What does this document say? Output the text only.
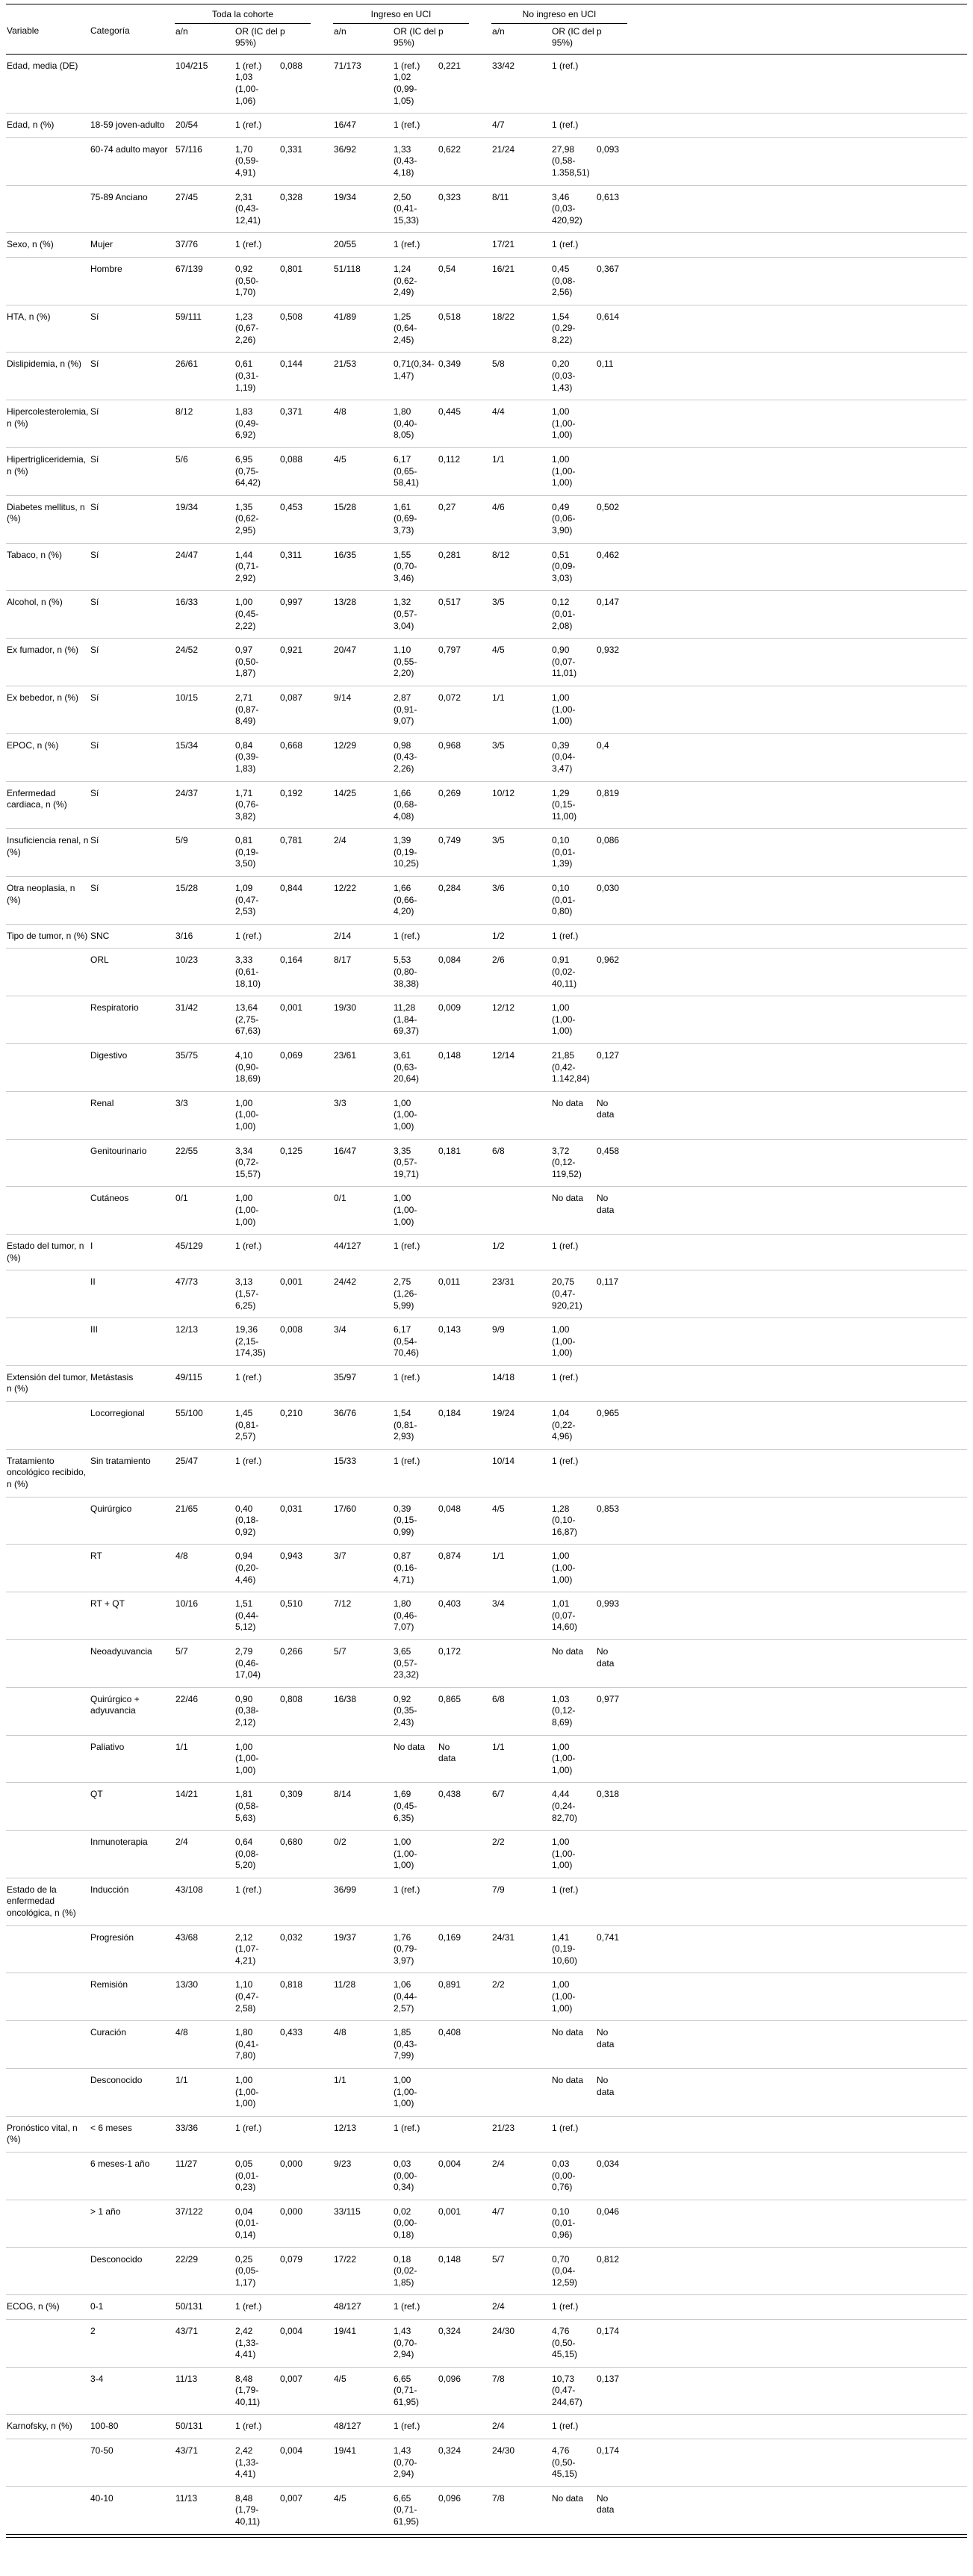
		Toda la cohorte				Ingreso en UCI				No ingreso en UCI			
Variable	Categoría	a/n	OR (IC del 95%)	p		a/n	OR (IC del 95%)	p		a/n	OR (IC del 95%)	p	
Edad, media (DE)		104/215	1 (ref.) 1,03 (1,00-1,06)	0,088		71/173	1 (ref.) 1,02 (0,99-1,05)	0,221		33/42	1 (ref.)		
Edad, n (%)	18-59 joven-adulto	20/54	1 (ref.)			16/47	1 (ref.)			4/7	1 (ref.)		
	60-74 adulto mayor	57/116	1,70 (0,59-4,91)	0,331		36/92	1,33 (0,43-4,18)	0,622		21/24	27,98 (0,58-1.358,51)	0,093	
	75-89 Anciano	27/45	2,31 (0,43-12,41)	0,328		19/34	2,50 (0,41-15,33)	0,323		8/11	3,46 (0,03-420,92)	0,613	
Sexo, n (%)	Mujer	37/76	1 (ref.)			20/55	1 (ref.)			17/21	1 (ref.)		
	Hombre	67/139	0,92 (0,50-1,70)	0,801		51/118	1,24 (0,62-2,49)	0,54		16/21	0,45 (0,08-2,56)	0,367	
HTA, n (%)	Sí	59/111	1,23 (0,67-2,26)	0,508		41/89	1,25 (0,64-2,45)	0,518		18/22	1,54 (0,29-8,22)	0,614	
Dislipidemia, n (%)	Sí	26/61	0,61 (0,31-1,19)	0,144		21/53	0,71(0,34-1,47)	0,349		5/8	0,20 (0,03-1,43)	0,11	
Hipercolesterolemia, n (%)	Sí	8/12	1,83 (0,49-6,92)	0,371		4/8	1,80 (0,40-8,05)	0,445		4/4	1,00 (1,00-1,00)		
Hipertrigliceridemia, n (%)	Sí	5/6	6,95 (0,75-64,42)	0,088		4/5	6,17 (0,65-58,41)	0,112		1/1	1,00 (1,00-1,00)		
Diabetes mellitus, n (%)	Sí	19/34	1,35 (0,62-2,95)	0,453		15/28	1,61 (0,69-3,73)	0,27		4/6	0,49 (0,06-3,90)	0,502	
Tabaco, n (%)	Sí	24/47	1,44 (0,71-2,92)	0,311		16/35	1,55 (0,70-3,46)	0,281		8/12	0,51 (0,09-3,03)	0,462	
Alcohol, n (%)	Sí	16/33	1,00 (0,45-2,22)	0,997		13/28	1,32 (0,57-3,04)	0,517		3/5	0,12 (0,01-2,08)	0,147	
Ex fumador, n (%)	Sí	24/52	0,97 (0,50-1,87)	0,921		20/47	1,10 (0,55-2,20)	0,797		4/5	0,90 (0,07-11,01)	0,932	
Ex bebedor, n (%)	Sí	10/15	2,71 (0,87-8,49)	0,087		9/14	2,87 (0,91-9,07)	0,072		1/1	1,00 (1,00-1,00)		
EPOC, n (%)	Sí	15/34	0,84 (0,39-1,83)	0,668		12/29	0,98 (0,43-2,26)	0,968		3/5	0,39 (0,04-3,47)	0,4	
Enfermedad cardiaca, n (%)	Sí	24/37	1,71 (0,76-3,82)	0,192		14/25	1,66 (0,68-4,08)	0,269		10/12	1,29 (0,15-11,00)	0,819	
Insuficiencia renal, n (%)	Sí	5/9	0,81 (0,19-3,50)	0,781		2/4	1,39 (0,19-10,25)	0,749		3/5	0,10 (0,01-1,39)	0,086	
Otra neoplasia, n (%)	Sí	15/28	1,09 (0,47-2,53)	0,844		12/22	1,66 (0,66-4,20)	0,284		3/6	0,10 (0,01-0,80)	0,030	
Tipo de tumor, n (%)	SNC	3/16	1 (ref.)			2/14	1 (ref.)			1/2	1 (ref.)		
	ORL	10/23	3,33 (0,61-18,10)	0,164		8/17	5,53 (0,80-38,38)	0,084		2/6	0,91 (0,02-40,11)	0,962	
	Respiratorio	31/42	13,64 (2,75-67,63)	0,001		19/30	11,28 (1,84-69,37)	0,009		12/12	1,00 (1,00-1,00)		
	Digestivo	35/75	4,10 (0,90-18,69)	0,069		23/61	3,61 (0,63-20,64)	0,148		12/14	21,85 (0,42-1.142,84)	0,127	
	Renal	3/3	1,00 (1,00-1,00)			3/3	1,00 (1,00-1,00)				No data	No data	
	Genitourinario	22/55	3,34 (0,72-15,57)	0,125		16/47	3,35 (0,57-19,71)	0,181		6/8	3,72 (0,12-119,52)	0,458	
	Cutáneos	0/1	1,00 (1,00-1,00)			0/1	1,00 (1,00-1,00)				No data	No data	
Estado del tumor, n (%)	I	45/129	1 (ref.)			44/127	1 (ref.)			1/2	1 (ref.)		
	II	47/73	3,13 (1,57-6,25)	0,001		24/42	2,75 (1,26-5,99)	0,011		23/31	20,75 (0,47-920,21)	0,117	
	III	12/13	19,36 (2,15-174,35)	0,008		3/4	6,17 (0,54-70,46)	0,143		9/9	1,00 (1,00-1,00)		
Extensión del tumor, n (%)	Metástasis	49/115	1 (ref.)			35/97	1 (ref.)			14/18	1 (ref.)		
	Locorregional	55/100	1,45 (0,81-2,57)	0,210		36/76	1,54 (0,81-2,93)	0,184		19/24	1,04 (0,22-4,96)	0,965	
Tratamiento oncológico recibido, n (%)	Sin tratamiento	25/47	1 (ref.)			15/33	1 (ref.)			10/14	1 (ref.)		
	Quirúrgico	21/65	0,40 (0,18-0,92)	0,031		17/60	0,39 (0,15-0,99)	0,048		4/5	1,28 (0,10-16,87)	0,853	
	RT	4/8	0,94 (0,20-4,46)	0,943		3/7	0,87 (0,16-4,71)	0,874		1/1	1,00 (1,00-1,00)		
	RT + QT	10/16	1,51 (0,44-5,12)	0,510		7/12	1,80 (0,46-7,07)	0,403		3/4	1,01 (0,07-14,60)	0,993	
	Neoadyuvancia	5/7	2,79 (0,46-17,04)	0,266		5/7	3,65 (0,57-23,32)	0,172			No data	No data	
	Quirúrgico + adyuvancia	22/46	0,90 (0,38-2,12)	0,808		16/38	0,92 (0,35-2,43)	0,865		6/8	1,03 (0,12-8,69)	0,977	
	Paliativo	1/1	1,00 (1,00-1,00)				No data	No data		1/1	1,00 (1,00-1,00)		
	QT	14/21	1,81 (0,58-5,63)	0,309		8/14	1,69 (0,45-6,35)	0,438		6/7	4,44 (0,24-82,70)	0,318	
	Inmunoterapia	2/4	0,64 (0,08-5,20)	0,680		0/2	1,00 (1,00-1,00)			2/2	1,00 (1,00-1,00)		
Estado de la enfermedad oncológica, n (%)	Inducción	43/108	1 (ref.)			36/99	1 (ref.)			7/9	1 (ref.)		
	Progresión	43/68	2,12 (1,07-4,21)	0,032		19/37	1,76 (0,79-3,97)	0,169		24/31	1,41 (0,19-10,60)	0,741	
	Remisión	13/30	1,10 (0,47-2,58)	0,818		11/28	1,06 (0,44-2,57)	0,891		2/2	1,00 (1,00-1,00)		
	Curación	4/8	1,80 (0,41-7,80)	0,433		4/8	1,85 (0,43-7,99)	0,408			No data	No data	
	Desconocido	1/1	1,00 (1,00-1,00)			1/1	1,00 (1,00-1,00)				No data	No data	
Pronóstico vital, n (%)	< 6 meses	33/36	1 (ref.)			12/13	1 (ref.)			21/23	1 (ref.)		
	6 meses-1 año	11/27	0,05 (0,01-0,23)	0,000		9/23	0,03 (0,00-0,34)	0,004		2/4	0,03 (0,00-0,76)	0,034	
	> 1 año	37/122	0,04 (0,01-0,14)	0,000		33/115	0,02 (0,00-0,18)	0,001		4/7	0,10 (0,01-0,96)	0,046	
	Desconocido	22/29	0,25 (0,05-1,17)	0,079		17/22	0,18 (0,02-1,85)	0,148		5/7	0,70 (0,04-12,59)	0,812	
ECOG, n (%)	0-1	50/131	1 (ref.)			48/127	1 (ref.)			2/4	1 (ref.)		
	2	43/71	2,42 (1,33-4,41)	0,004		19/41	1,43 (0,70-2,94)	0,324		24/30	4,76 (0,50-45,15)	0,174	
	3-4	11/13	8,48 (1,79-40,11)	0,007		4/5	6,65 (0,71-61,95)	0,096		7/8	10,73 (0,47-244,67)	0,137	
Karnofsky, n (%)	100-80	50/131	1 (ref.)			48/127	1 (ref.)			2/4	1 (ref.)		
	70-50	43/71	2,42 (1,33-4,41)	0,004		19/41	1,43 (0,70-2,94)	0,324		24/30	4,76 (0,50-45,15)	0,174	
	40-10	11/13	8,48 (1,79-40,11)	0,007		4/5	6,65 (0,71-61,95)	0,096		7/8	No data	No data	
